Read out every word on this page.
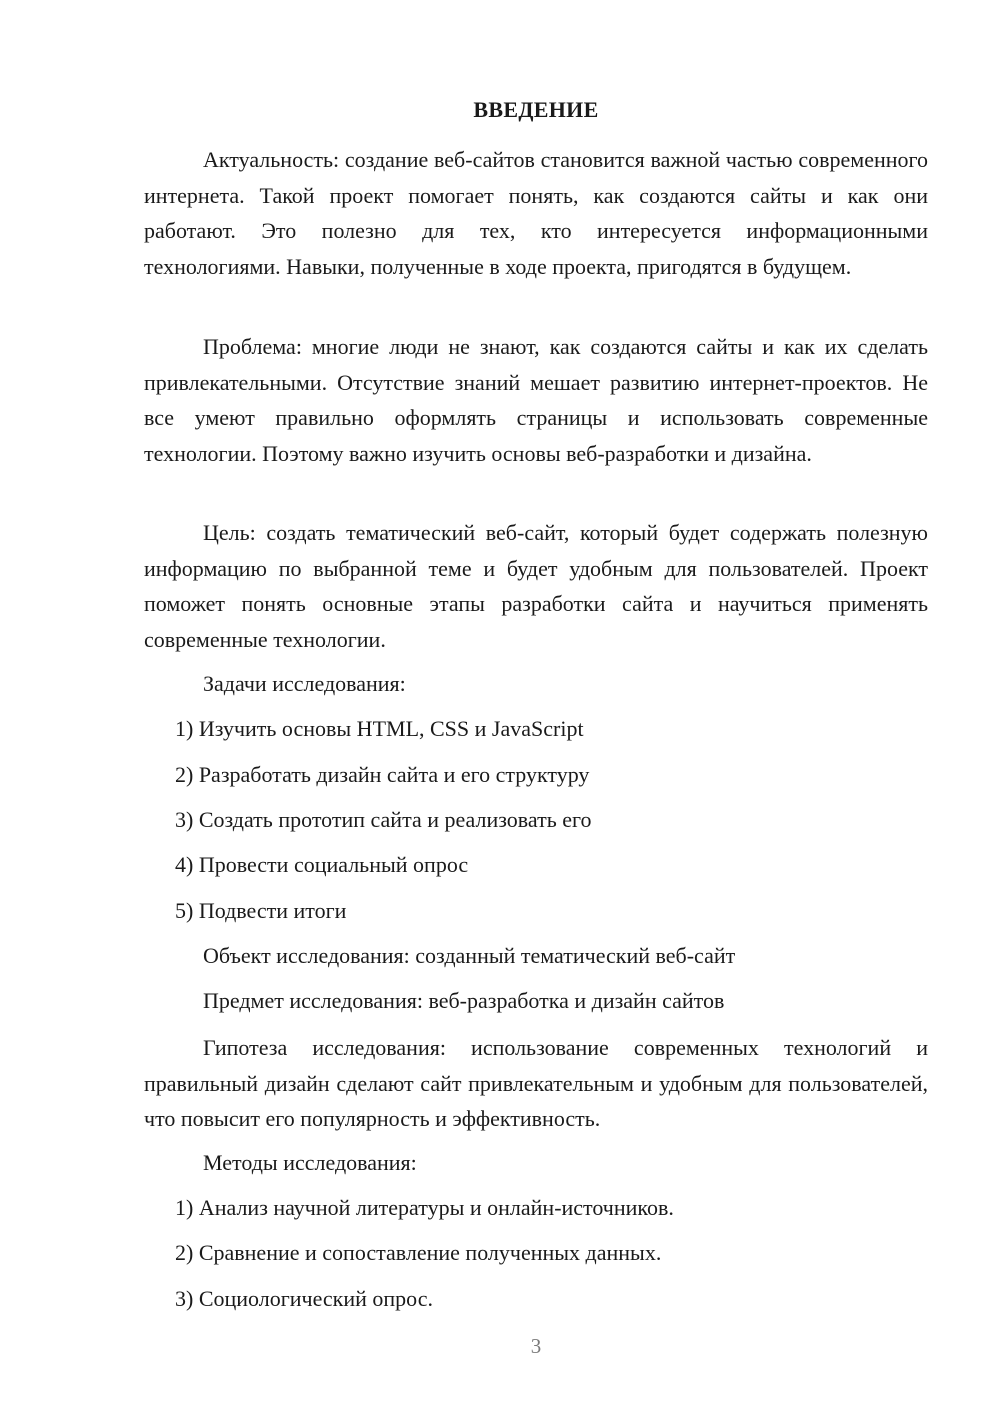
ВВЕДЕНИЕ

Актуальность: создание веб-сайтов становится важной частью современного интернета. Такой проект помогает понять, как создаются сайты и как они работают. Это полезно для тех, кто интересуется информационными технологиями. Навыки, полученные в ходе проекта, пригодятся в будущем.

Проблема: многие люди не знают, как создаются сайты и как их сделать привлекательными. Отсутствие знаний мешает развитию интернет-проектов. Не все умеют правильно оформлять страницы и использовать современные технологии. Поэтому важно изучить основы веб-разработки и дизайна.

Цель: создать тематический веб-сайт, который будет содержать полезную информацию по выбранной теме и будет удобным для пользователей. Проект поможет понять основные этапы разработки сайта и научиться применять современные технологии.

Задачи исследования:
1) Изучить основы HTML, CSS и JavaScript
2) Разработать дизайн сайта и его структуру
3) Создать прототип сайта и реализовать его
4) Провести социальный опрос
5) Подвести итоги
Объект исследования: созданный тематический веб-сайт
Предмет исследования: веб-разработка и дизайн сайтов

Гипотеза исследования: использование современных технологий и правильный дизайн сделают сайт привлекательным и удобным для пользователей, что повысит его популярность и эффективность.

Методы исследования:
1) Анализ научной литературы и онлайн-источников.
2) Сравнение и сопоставление полученных данных.
3) Социологический опрос.
3
